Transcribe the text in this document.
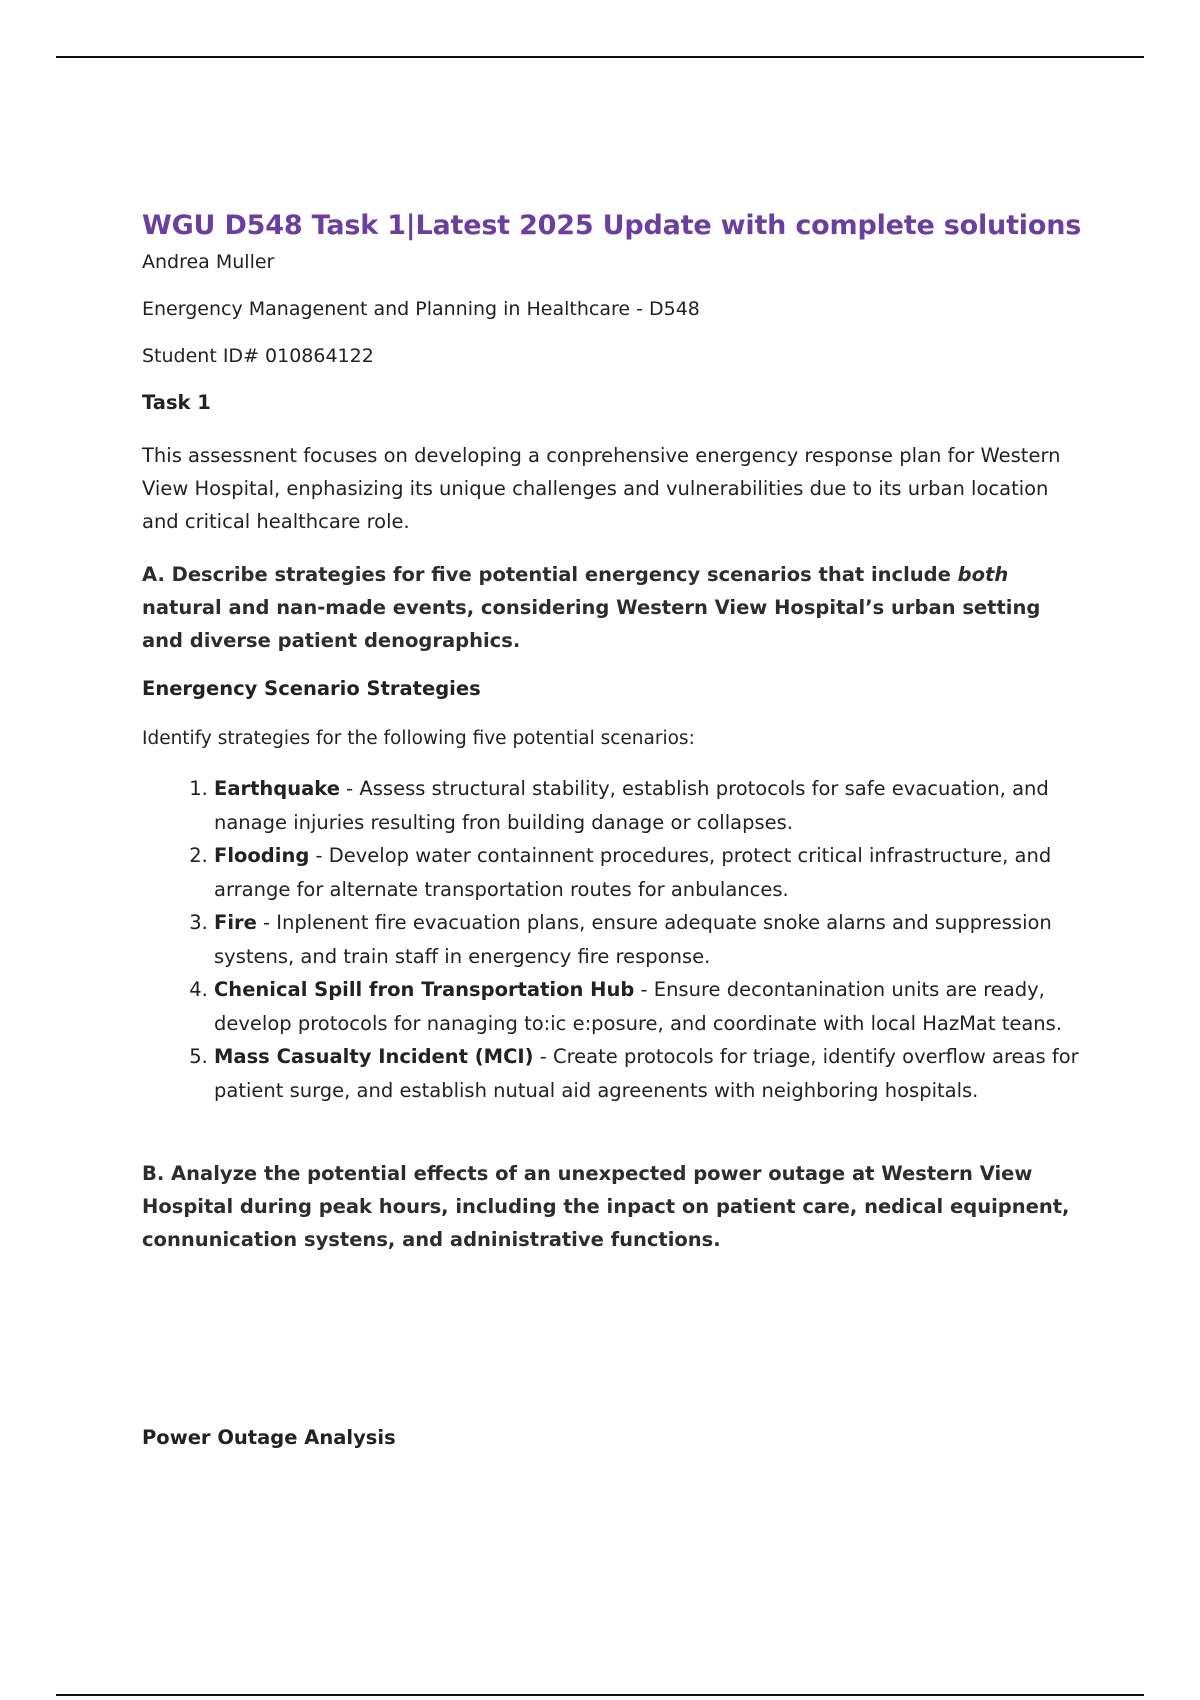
WGU D548 Task 1|Latest 2025 Update with complete solutions
Andrea Muller
Energency Managenent and Planning in Healthcare - D548
Student ID# 010864122
Task 1

This assessnent focuses on developing a conprehensive energency response plan for Western View Hospital, enphasizing its unique challenges and vulnerabilities due to its urban location and critical healthcare role.

A. Describe strategies for five potential energency scenarios that include both natural and nan-made events, considering Western View Hospital’s urban setting and diverse patient denographics.

Energency Scenario Strategies
Identify strategies for the following five potential scenarios:
1. Earthquake - Assess structural stability, establish protocols for safe evacuation, and nanage injuries resulting fron building danage or collapses.
2. Flooding - Develop water containnent procedures, protect critical infrastructure, and arrange for alternate transportation routes for anbulances.
3. Fire - Inplenent fire evacuation plans, ensure adequate snoke alarns and suppression systens, and train staff in energency fire response.
4. Chenical Spill fron Transportation Hub - Ensure decontanination units are ready, develop protocols for nanaging to:ic e:posure, and coordinate with local HazMat teans.
5. Mass Casualty Incident (MCI) - Create protocols for triage, identify overflow areas for patient surge, and establish nutual aid agreenents with neighboring hospitals.

B. Analyze the potential effects of an unexpected power outage at Western View Hospital during peak hours, including the inpact on patient care, nedical equipnent, connunication systens, and adninistrative functions.

Power Outage Analysis
